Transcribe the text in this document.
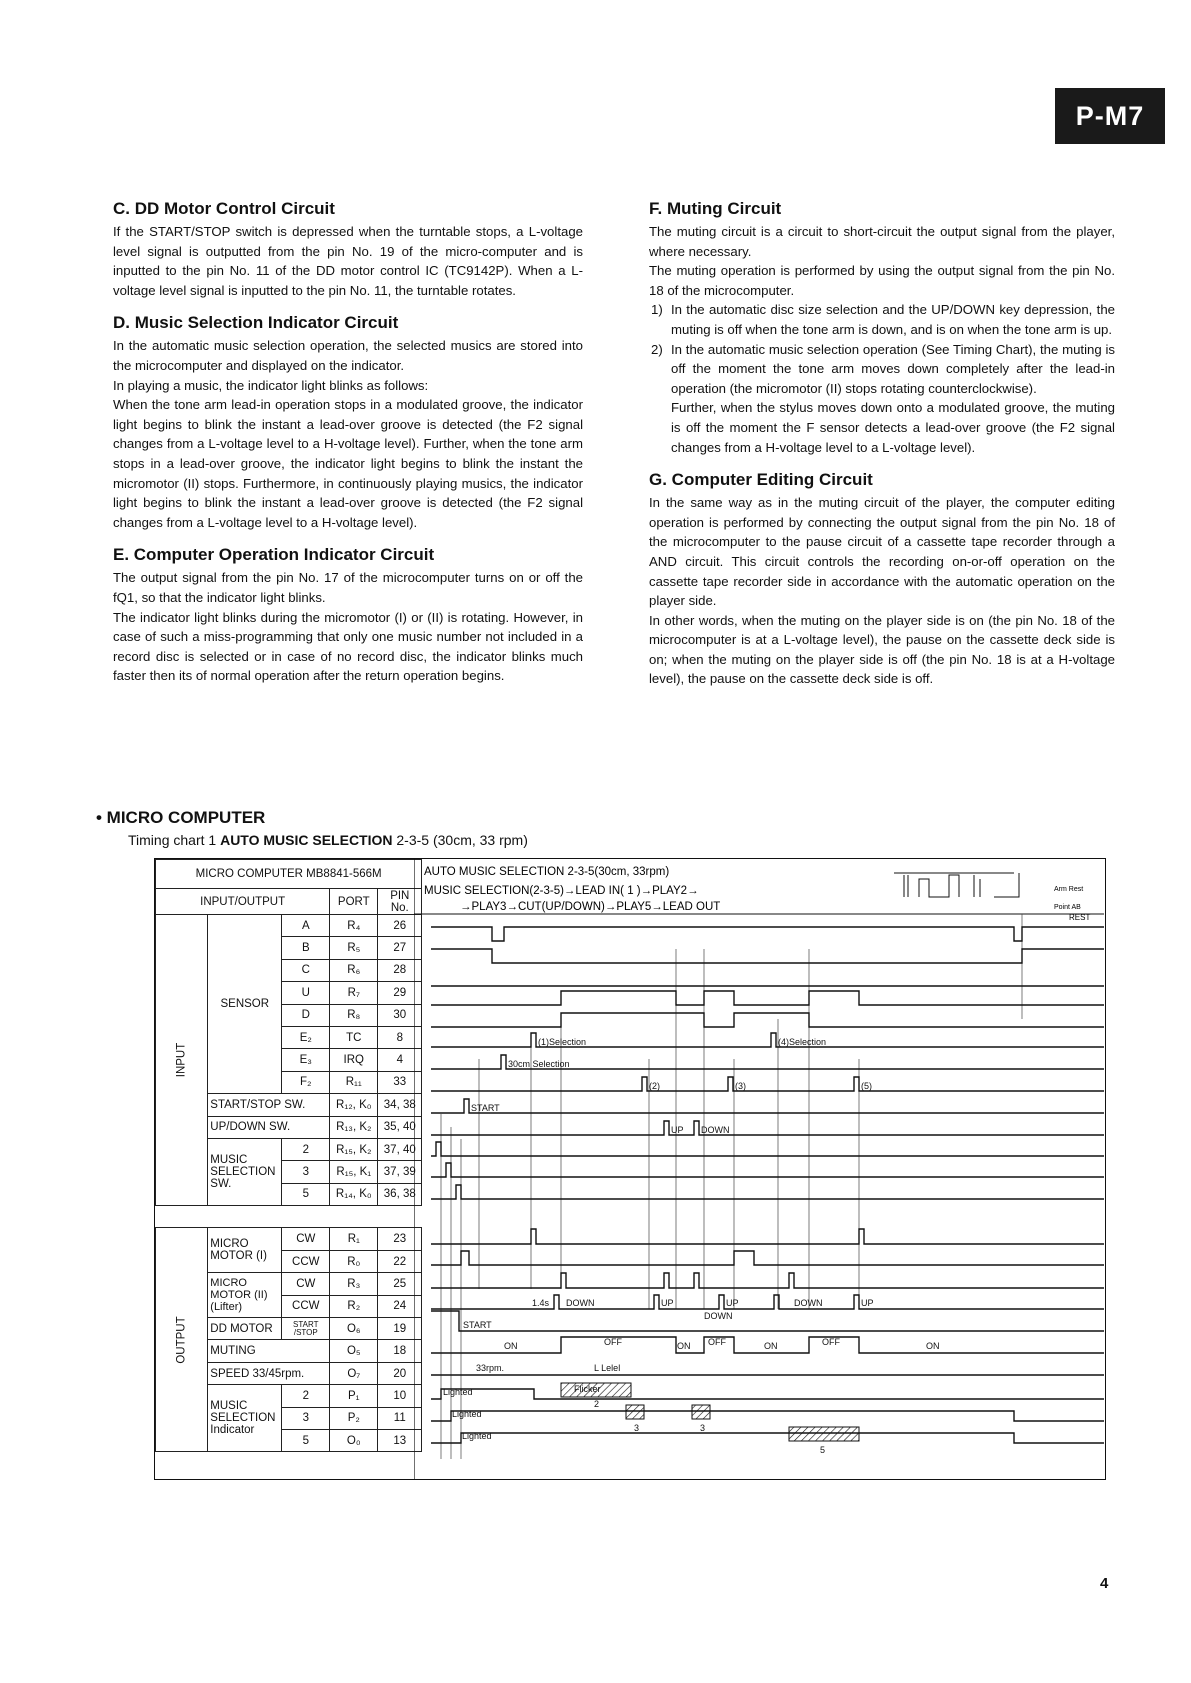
P-M7
C. DD Motor Control Circuit

If the START/STOP switch is depressed when the turntable stops, a L-voltage level signal is outputted from the pin No. 19 of the micro-computer and is inputted to the pin No. 11 of the DD motor control IC (TC9142P). When a L-voltage level signal is inputted to the pin No. 11, the turntable rotates.

D. Music Selection Indicator Circuit

In the automatic music selection operation, the selected musics are stored into the microcomputer and displayed on the indicator.

In playing a music, the indicator light blinks as follows:

When the tone arm lead-in operation stops in a modulated groove, the indicator light begins to blink the instant a lead-over groove is detected (the F2 signal changes from a L-voltage level to a H-voltage level). Further, when the tone arm stops in a lead-over groove, the indicator light begins to blink the instant the micromotor (II) stops. Furthermore, in continuously playing musics, the indicator light begins to blink the instant a lead-over groove is detected (the F2 signal changes from a L-voltage level to a H-voltage level).

E. Computer Operation Indicator Circuit

The output signal from the pin No. 17 of the microcomputer turns on or off the fQ1, so that the indicator light blinks.

The indicator light blinks during the micromotor (I) or (II) is rotating. However, in case of such a miss-programming that only one music number not included in a record disc is selected or in case of no record disc, the indicator blinks much faster then its of normal operation after the return operation begins.

F. Muting Circuit

The muting circuit is a circuit to short-circuit the output signal from the player, where necessary.

The muting operation is performed by using the output signal from the pin No. 18 of the microcomputer.

1) In the automatic disc size selection and the UP/DOWN key depression, the muting is off when the tone arm is down, and is on when the tone arm is up.
2) In the automatic music selection operation (See Timing Chart), the muting is off the moment the tone arm moves down completely after the lead-in operation (the micromotor (II) stops rotating counterclockwise).
Further, when the stylus moves down onto a modulated groove, the muting is off the moment the F sensor detects a lead-over groove (the F2 signal changes from a H-voltage level to a L-voltage level).
G. Computer Editing Circuit

In the same way as in the muting circuit of the player, the computer editing operation is performed by connecting the output signal from the pin No. 18 of the microcomputer to the pause circuit of a cassette tape recorder through a AND circuit. This circuit controls the recording on-or-off operation on the cassette tape recorder side in accordance with the automatic operation on the player side.

In other words, when the muting on the player side is on (the pin No. 18 of the microcomputer is at a L-voltage level), the pause on the cassette deck side is on; when the muting on the player side is off (the pin No. 18 is at a H-voltage level), the pause on the cassette deck side is off.

• MICRO COMPUTER
Timing chart 1 AUTO MUSIC SELECTION 2-3-5 (30cm, 33 rpm)
MICRO COMPUTER MB8841-566M				
INPUT/OUTPUT			PORT	PIN No.
INPUT	SENSOR	A	R₄	26
		B	R₅	27
		C	R₆	28
		U	R₇	29
		D	R₈	30
		E₂	TC	8
		E₃	IRQ	4
		F₂	R₁₁	33
	START/STOP SW.		R₁₂, K₀	34, 38
	UP/DOWN SW.		R₁₃, K₂	35, 40
	MUSIC SELECTION SW.	2	R₁₅, K₂	37, 40
		3	R₁₅, K₁	37, 39
		5	R₁₄, K₀	36, 38

OUTPUT	MICRO MOTOR (I)	CW	R₁	23
		CCW	R₀	22
	MICRO MOTOR (II) (Lifter)	CW	R₃	25
		CCW	R₂	24
	DD MOTOR	START /STOP	O₆	19
	MUTING		O₅	18
	SPEED 33/45rpm.		O₇	20
	MUSIC SELECTION Indicator	2	P₁	10
		3	P₂	11
		5	O₀	13
AUTO MUSIC SELECTION 2-3-5(30cm, 33rpm)
MUSIC SELECTION(2-3-5)→LEAD IN( 1 )→PLAY2→
→PLAY3→CUT(UP/DOWN)→PLAY5→LEAD OUT
Arm Rest
Point AB
REST
(1)Selection	(4)Selection
30cm Selection
(2)	(3)	(5)
START
UP DOWN
1.4s DOWN	UP	UP	DOWN	UP
DOWN
START
ON	OFF	ON OFF	ON	OFF	ON
33rpm.	L Lelel
Lighted
Lighted
Lighted
Flicker
2
3	3
5
4
